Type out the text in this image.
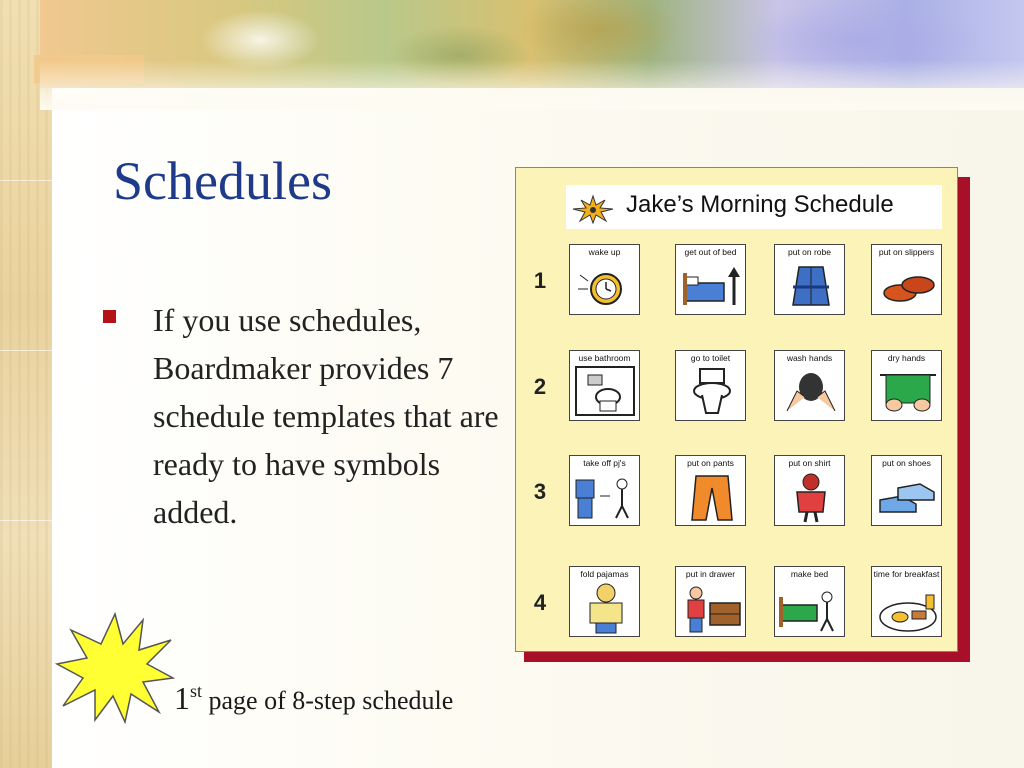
Schedules

If you use schedules, Boardmaker provides 7 schedule templates that are ready to have symbols added.

Jake’s Morning Schedule
1
wake up	get out of bed	put on robe	put on slippers
2
use bathroom	go to toilet	wash hands	dry hands
3
take off pj's	put on pants	put on shirt	put on shoes
4
fold pajamas	put in drawer	make bed	time for breakfast
1st page of 8-step schedule
